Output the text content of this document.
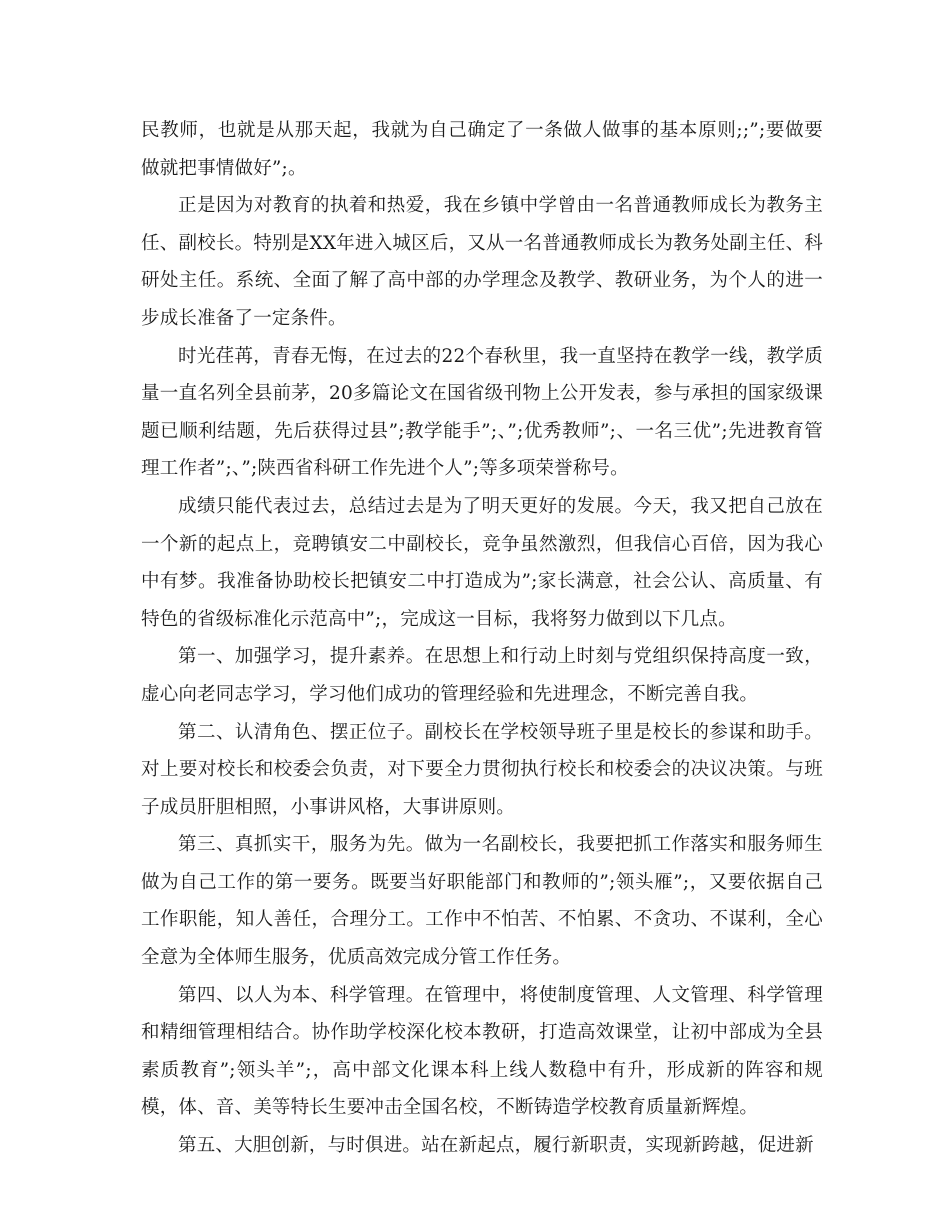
民教师，也就是从那天起，我就为自己确定了一条做人做事的基本原则;;”;要做要做就把事情做好”;。

正是因为对教育的执着和热爱，我在乡镇中学曾由一名普通教师成长为教务主任、副校长。特别是XX年进入城区后，又从一名普通教师成长为教务处副主任、科研处主任。系统、全面了解了高中部的办学理念及教学、教研业务，为个人的进一步成长准备了一定条件。

时光荏苒，青春无悔，在过去的22个春秋里，我一直坚持在教学一线，教学质量一直名列全县前茅，20多篇论文在国省级刊物上公开发表，参与承担的国家级课题已顺利结题，先后获得过县”;教学能手”;、”;优秀教师”;、一名三优”;先进教育管理工作者”;、”;陕西省科研工作先进个人”;等多项荣誉称号。

成绩只能代表过去，总结过去是为了明天更好的发展。今天，我又把自己放在一个新的起点上，竞聘镇安二中副校长，竞争虽然激烈，但我信心百倍，因为我心中有梦。我准备协助校长把镇安二中打造成为”;家长满意，社会公认、高质量、有特色的省级标准化示范高中”;，完成这一目标，我将努力做到以下几点。

第一、加强学习，提升素养。在思想上和行动上时刻与党组织保持高度一致，虚心向老同志学习，学习他们成功的管理经验和先进理念，不断完善自我。

第二、认清角色、摆正位子。副校长在学校领导班子里是校长的参谋和助手。对上要对校长和校委会负责，对下要全力贯彻执行校长和校委会的决议决策。与班子成员肝胆相照，小事讲风格，大事讲原则。

第三、真抓实干，服务为先。做为一名副校长，我要把抓工作落实和服务师生做为自己工作的第一要务。既要当好职能部门和教师的”;领头雁”;，又要依据自己工作职能，知人善任，合理分工。工作中不怕苦、不怕累、不贪功、不谋利，全心全意为全体师生服务，优质高效完成分管工作任务。

第四、以人为本、科学管理。在管理中，将使制度管理、人文管理、科学管理和精细管理相结合。协作助学校深化校本教研，打造高效课堂，让初中部成为全县素质教育”;领头羊”;，高中部文化课本科上线人数稳中有升，形成新的阵容和规模，体、音、美等特长生要冲击全国名校，不断铸造学校教育质量新辉煌。

第五、大胆创新，与时俱进。站在新起点，履行新职责，实现新跨越，促进新
